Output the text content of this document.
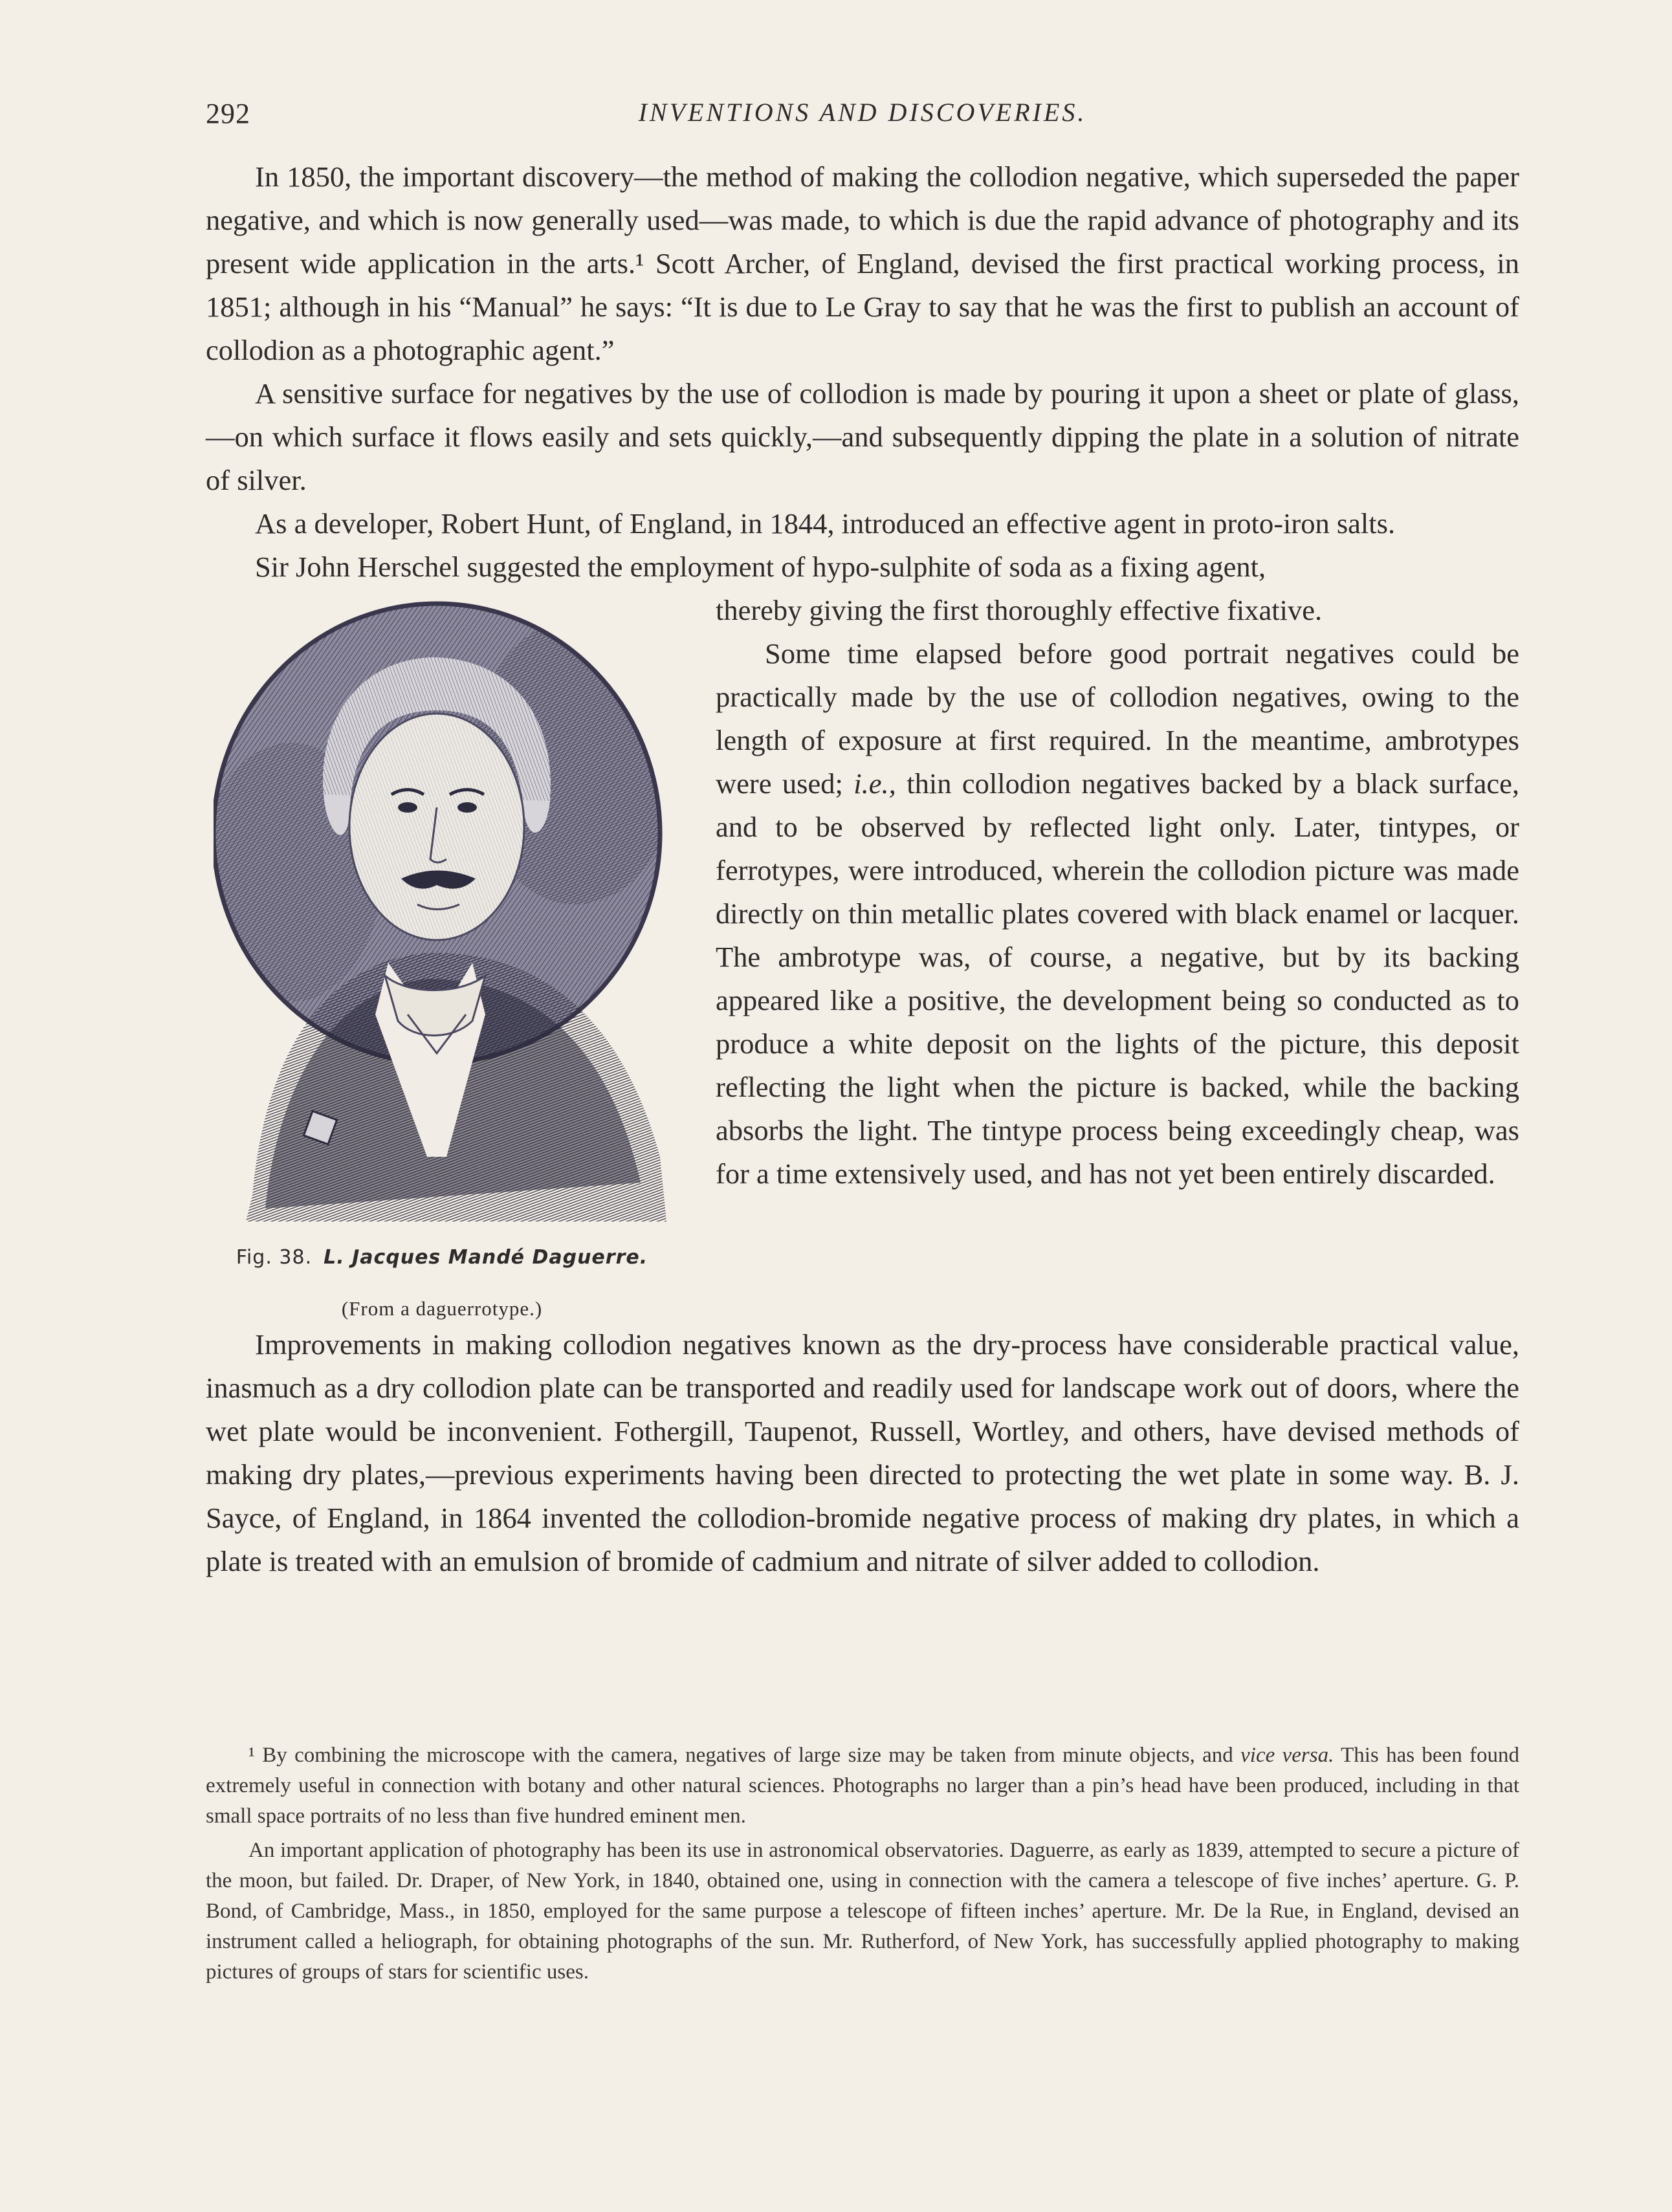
292	INVENTIONS AND DISCOVERIES.

In 1850, the important discovery—the method of making the collodion negative, which superseded the paper negative, and which is now generally used—was made, to which is due the rapid advance of photography and its present wide application in the arts.¹ Scott Archer, of England, devised the first practical working process, in 1851; although in his “Manual” he says: “It is due to Le Gray to say that he was the first to publish an account of collodion as a photographic agent.”

A sensitive surface for negatives by the use of collodion is made by pouring it upon a sheet or plate of glass,—on which surface it flows easily and sets quickly,—and subsequently dipping the plate in a solution of nitrate of silver.

As a developer, Robert Hunt, of England, in 1844, introduced an effective agent in proto-iron salts.

Sir John Herschel suggested the employment of hypo-sulphite of soda as a fixing agent,

Fig. 38. L. Jacques Mandé Daguerre.
(From a daguerrotype.)

thereby giving the first thoroughly effective fixative.

Some time elapsed before good portrait negatives could be practically made by the use of collodion negatives, owing to the length of exposure at first required. In the meantime, ambrotypes were used; i.e., thin collodion negatives backed by a black surface, and to be observed by reflected light only. Later, tintypes, or ferrotypes, were introduced, wherein the collodion picture was made directly on thin metallic plates covered with black enamel or lacquer. The ambrotype was, of course, a negative, but by its backing appeared like a positive, the development being so conducted as to produce a white deposit on the lights of the picture, this deposit reflecting the light when the picture is backed, while the backing absorbs the light. The tintype process being exceedingly cheap, was for a time extensively used, and has not yet been entirely discarded.

Improvements in making collodion negatives known as the dry-process have considerable practical value, inasmuch as a dry collodion plate can be transported and readily used for landscape work out of doors, where the wet plate would be inconvenient. Fothergill, Taupenot, Russell, Wortley, and others, have devised methods of making dry plates,—previous experiments having been directed to protecting the wet plate in some way. B. J. Sayce, of England, in 1864 invented the collodion-bromide negative process of making dry plates, in which a plate is treated with an emulsion of bromide of cadmium and nitrate of silver added to collodion.

¹ By combining the microscope with the camera, negatives of large size may be taken from minute objects, and vice versa. This has been found extremely useful in connection with botany and other natural sciences. Photographs no larger than a pin’s head have been produced, including in that small space portraits of no less than five hundred eminent men.

An important application of photography has been its use in astronomical observatories. Daguerre, as early as 1839, attempted to secure a picture of the moon, but failed. Dr. Draper, of New York, in 1840, obtained one, using in connection with the camera a telescope of five inches’ aperture. G. P. Bond, of Cambridge, Mass., in 1850, employed for the same purpose a telescope of fifteen inches’ aperture. Mr. De la Rue, in England, devised an instrument called a heliograph, for obtaining photographs of the sun. Mr. Rutherford, of New York, has successfully applied photography to making pictures of groups of stars for scientific uses.
